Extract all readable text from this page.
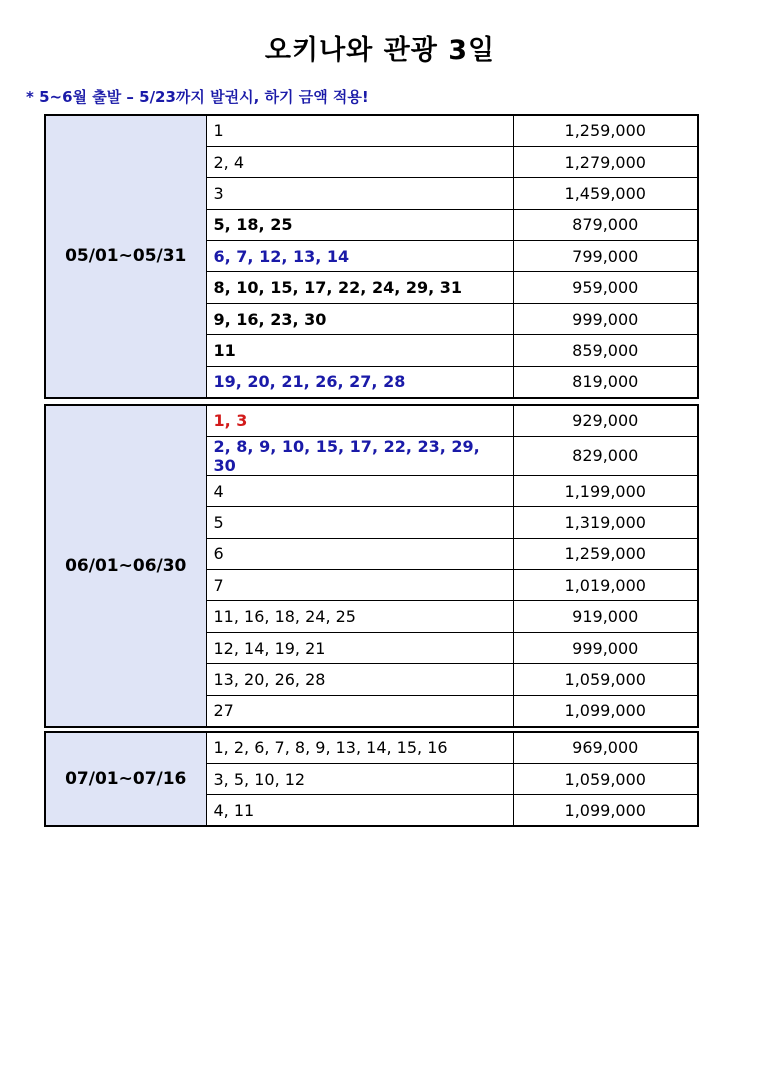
오키나와 관광 3일
* 5~6월 출발 – 5/23까지 발권시, 하기 금액 적용!
05/01~05/31	1	1,259,000
	2, 4	1,279,000
	3	1,459,000
	5, 18, 25	879,000
	6, 7, 12, 13, 14	799,000
	8, 10, 15, 17, 22, 24, 29, 31	959,000
	9, 16, 23, 30	999,000
	11	859,000
	19, 20, 21, 26, 27, 28	819,000
06/01~06/30	1, 3	929,000
	2, 8, 9, 10, 15, 17, 22, 23, 29, 30	829,000
	4	1,199,000
	5	1,319,000
	6	1,259,000
	7	1,019,000
	11, 16, 18, 24, 25	919,000
	12, 14, 19, 21	999,000
	13, 20, 26, 28	1,059,000
	27	1,099,000
07/01~07/16	1, 2, 6, 7, 8, 9, 13, 14, 15, 16	969,000
	3, 5, 10, 12	1,059,000
	4, 11	1,099,000
